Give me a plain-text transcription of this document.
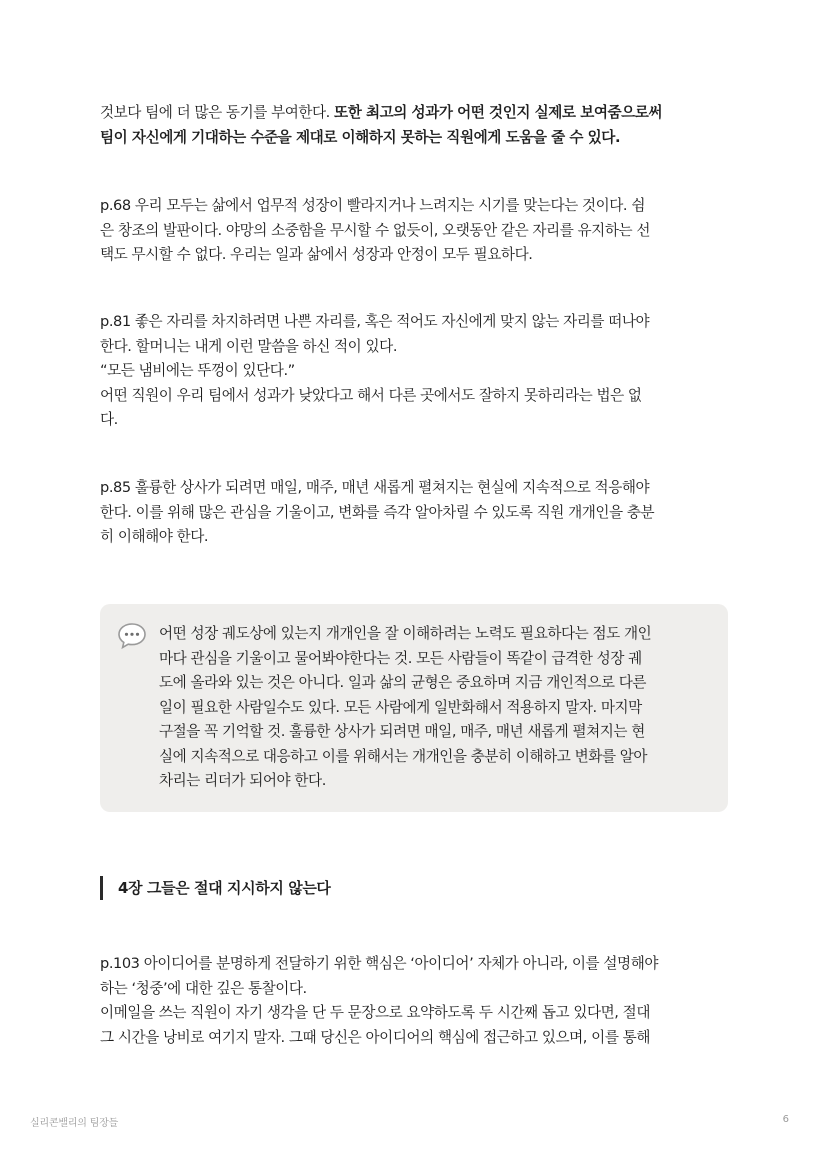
것보다 팀에 더 많은 동기를 부여한다. 또한 최고의 성과가 어떤 것인지 실제로 보여줌으로써
팀이 자신에게 기대하는 수준을 제대로 이해하지 못하는 직원에게 도움을 줄 수 있다.
p.68 우리 모두는 삶에서 업무적 성장이 빨라지거나 느려지는 시기를 맞는다는 것이다. 쉼
은 창조의 발판이다. 야망의 소중함을 무시할 수 없듯이, 오랫동안 같은 자리를 유지하는 선
택도 무시할 수 없다. 우리는 일과 삶에서 성장과 안정이 모두 필요하다.
p.81 좋은 자리를 차지하려면 나쁜 자리를, 혹은 적어도 자신에게 맞지 않는 자리를 떠나야
한다. 할머니는 내게 이런 말씀을 하신 적이 있다.
“모든 냄비에는 뚜껑이 있단다.”
어떤 직원이 우리 팀에서 성과가 낮았다고 해서 다른 곳에서도 잘하지 못하리라는 법은 없
다.
p.85 훌륭한 상사가 되려면 매일, 매주, 매년 새롭게 펼쳐지는 현실에 지속적으로 적응해야
한다. 이를 위해 많은 관심을 기울이고, 변화를 즉각 알아차릴 수 있도록 직원 개개인을 충분
히 이해해야 한다.
어떤 성장 궤도상에 있는지 개개인을 잘 이해하려는 노력도 필요하다는 점도 개인
마다 관심을 기울이고 물어봐야한다는 것. 모든 사람들이 똑같이 급격한 성장 궤
도에 올라와 있는 것은 아니다. 일과 삶의 균형은 중요하며 지금 개인적으로 다른
일이 필요한 사람일수도 있다. 모든 사람에게 일반화해서 적용하지 말자. 마지막
구절을 꼭 기억할 것. 훌륭한 상사가 되려면 매일, 매주, 매년 새롭게 펼쳐지는 현
실에 지속적으로 대응하고 이를 위해서는 개개인을 충분히 이해하고 변화를 알아
차리는 리더가 되어야 한다.
4장 그들은 절대 지시하지 않는다
p.103 아이디어를 분명하게 전달하기 위한 핵심은 ‘아이디어’ 자체가 아니라, 이를 설명해야
하는 ‘청중’에 대한 깊은 통찰이다.
이메일을 쓰는 직원이 자기 생각을 단 두 문장으로 요약하도록 두 시간째 돕고 있다면, 절대
그 시간을 낭비로 여기지 말자. 그때 당신은 아이디어의 핵심에 접근하고 있으며, 이를 통해
실리콘밸리의 팀장들	6
